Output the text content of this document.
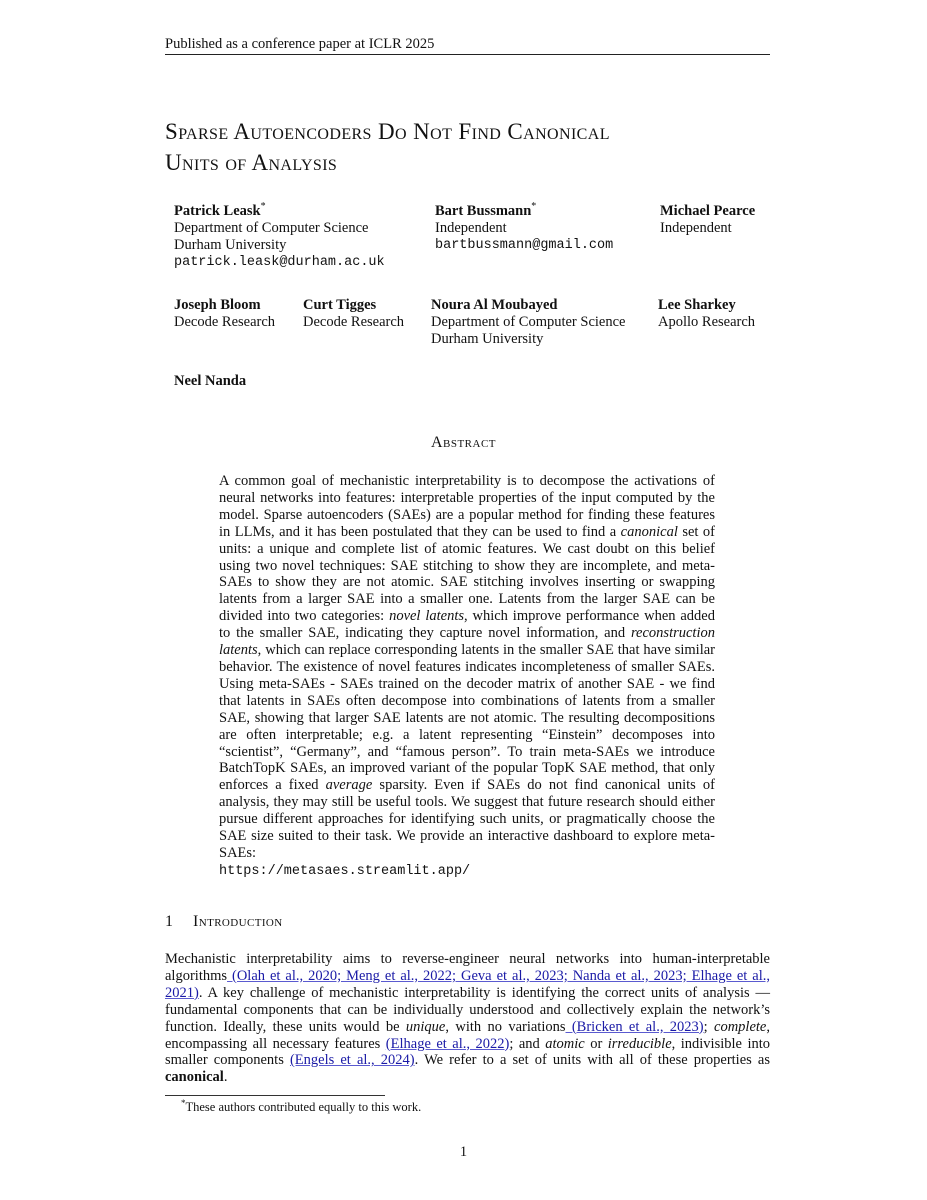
Published as a conference paper at ICLR 2025
Sparse Autoencoders Do Not Find Canonical
Units of Analysis
Patrick Leask*
Department of Computer Science
Durham University
patrick.leask@durham.ac.uk
Bart Bussmann*
Independent
bartbussmann@gmail.com
Michael Pearce
Independent
Joseph Bloom
Decode Research
Curt Tigges
Decode Research
Noura Al Moubayed
Department of Computer Science
Durham University
Lee Sharkey
Apollo Research
Neel Nanda
Abstract
A common goal of mechanistic interpretability is to decompose the activations of neural networks into features: interpretable properties of the input computed by the model. Sparse autoencoders (SAEs) are a popular method for finding these features in LLMs, and it has been postulated that they can be used to find a canonical set of units: a unique and complete list of atomic features. We cast doubt on this belief using two novel techniques: SAE stitching to show they are incomplete, and meta-SAEs to show they are not atomic. SAE stitching involves inserting or swapping latents from a larger SAE into a smaller one. Latents from the larger SAE can be divided into two categories: novel latents, which improve performance when added to the smaller SAE, indicating they capture novel information, and reconstruction latents, which can replace corresponding latents in the smaller SAE that have similar behavior. The existence of novel features indicates incompleteness of smaller SAEs. Using meta-SAEs - SAEs trained on the decoder matrix of another SAE - we find that latents in SAEs often decompose into combinations of latents from a smaller SAE, showing that larger SAE latents are not atomic. The resulting decompositions are often interpretable; e.g. a latent representing “Einstein” decomposes into “scientist”, “Germany”, and “famous person”. To train meta-SAEs we introduce BatchTopK SAEs, an improved variant of the popular TopK SAE method, that only enforces a fixed average sparsity. Even if SAEs do not find canonical units of analysis, they may still be useful tools. We suggest that future research should either pursue different approaches for identifying such units, or pragmatically choose the SAE size suited to their task. We provide an interactive dashboard to explore meta-SAEs:
https://metasaes.streamlit.app/
1 Introduction
Mechanistic interpretability aims to reverse-engineer neural networks into human-interpretable algorithms (Olah et al., 2020; Meng et al., 2022; Geva et al., 2023; Nanda et al., 2023; Elhage et al., 2021). A key challenge of mechanistic interpretability is identifying the correct units of analysis — fundamental components that can be individually understood and collectively explain the network’s function. Ideally, these units would be unique, with no variations (Bricken et al., 2023); complete, encompassing all necessary features (Elhage et al., 2022); and atomic or irreducible, indivisible into smaller components (Engels et al., 2024). We refer to a set of units with all of these properties as canonical.
*These authors contributed equally to this work.
1
